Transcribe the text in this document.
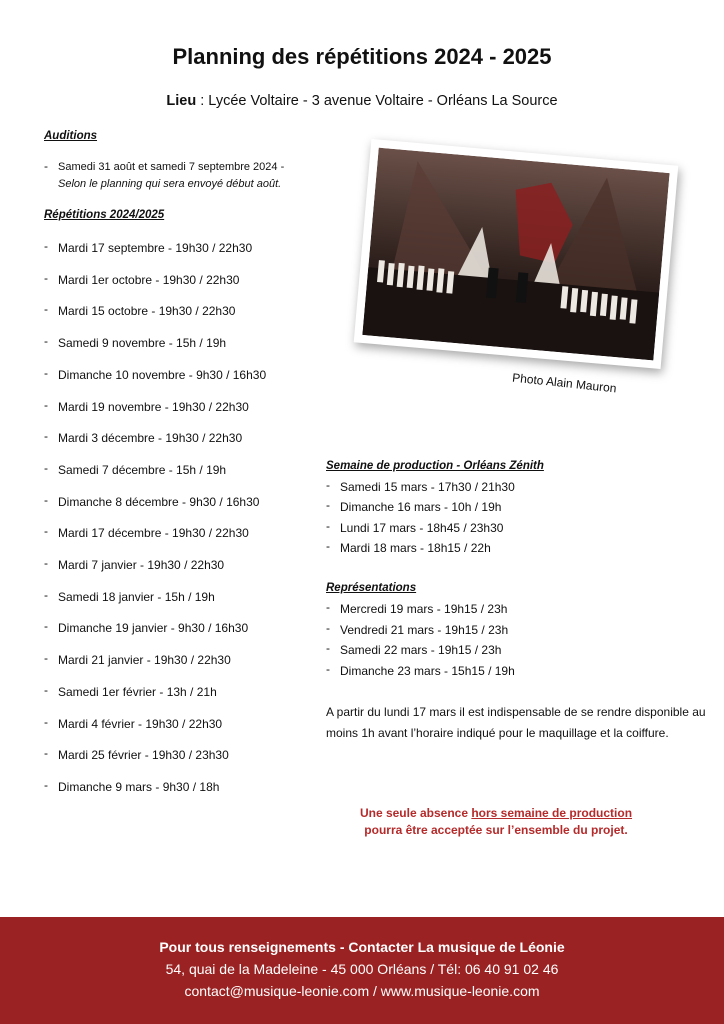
Planning des répétitions 2024 - 2025
Lieu : Lycée Voltaire - 3 avenue Voltaire - Orléans La Source
Auditions
- Samedi 31 août et samedi 7 septembre 2024 -
Selon le planning qui sera envoyé début août.
Répétitions 2024/2025
- Mardi 17 septembre - 19h30 / 22h30
- Mardi 1er octobre - 19h30 / 22h30
- Mardi 15 octobre - 19h30 / 22h30
- Samedi 9 novembre - 15h / 19h
- Dimanche 10 novembre - 9h30 / 16h30
- Mardi 19 novembre - 19h30 / 22h30
- Mardi 3 décembre - 19h30 / 22h30
- Samedi 7 décembre - 15h / 19h
- Dimanche 8 décembre - 9h30 / 16h30
- Mardi 17 décembre - 19h30 / 22h30
- Mardi 7 janvier - 19h30 / 22h30
- Samedi 18 janvier - 15h / 19h
- Dimanche 19 janvier - 9h30 / 16h30
- Mardi 21 janvier - 19h30 / 22h30
- Samedi 1er février - 13h / 21h
- Mardi 4 février - 19h30 / 22h30
- Mardi 25 février - 19h30 / 23h30
- Dimanche 9 mars - 9h30 / 18h
Photo Alain Mauron
Semaine de production - Orléans Zénith
- Samedi 15 mars - 17h30 / 21h30
- Dimanche 16 mars - 10h / 19h
- Lundi 17 mars - 18h45 / 23h30
- Mardi 18 mars - 18h15 / 22h
Représentations
- Mercredi 19 mars - 19h15 / 23h
- Vendredi 21 mars - 19h15 / 23h
- Samedi 22 mars - 19h15 / 23h
- Dimanche 23 mars - 15h15 / 19h
A partir du lundi 17 mars il est indispensable de se rendre disponible au moins 1h avant l’horaire indiqué pour le maquillage et la coiffure.
Une seule absence hors semaine de production
pourra être acceptée sur l’ensemble du projet.
Pour tous renseignements - Contacter La musique de Léonie
54, quai de la Madeleine - 45 000 Orléans / Tél: 06 40 91 02 46
contact@musique-leonie.com / www.musique-leonie.com
